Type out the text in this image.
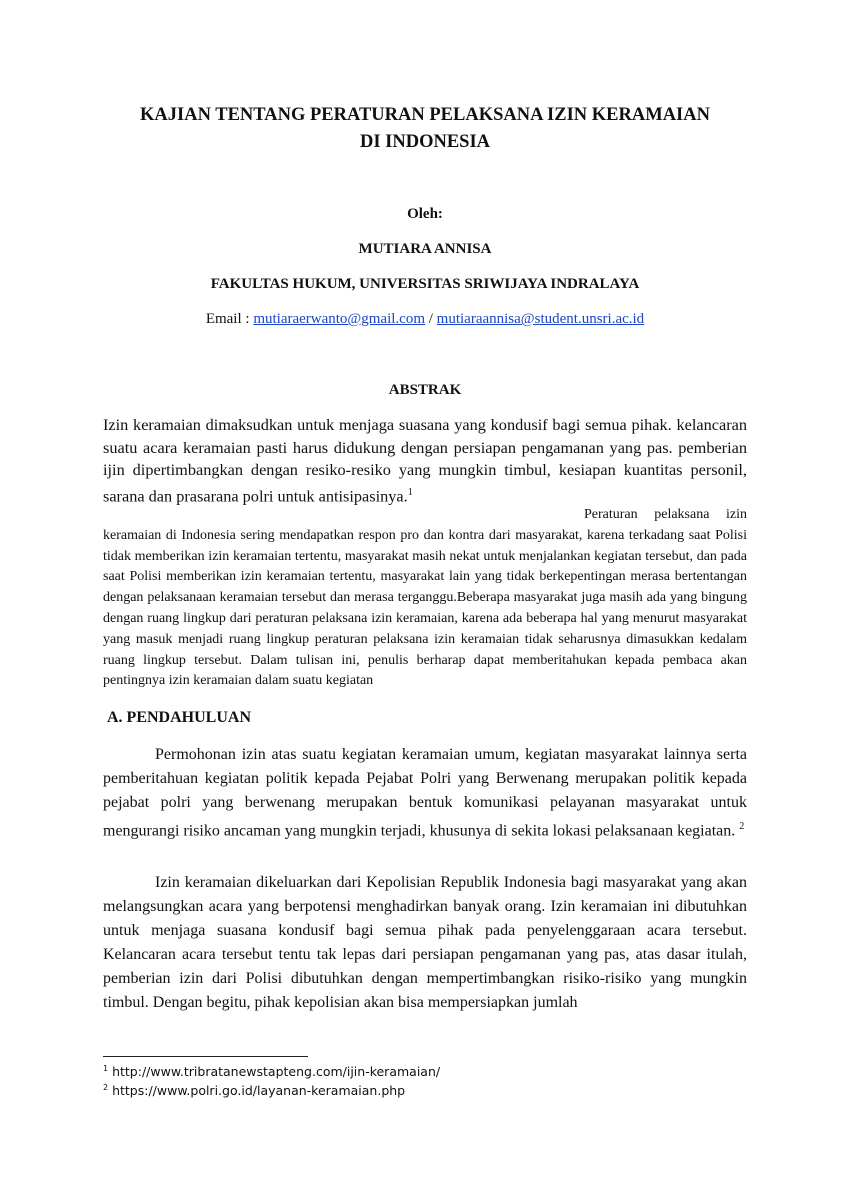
KAJIAN TENTANG PERATURAN PELAKSANA IZIN KERAMAIAN
DI INDONESIA

Oleh:

MUTIARA ANNISA

FAKULTAS HUKUM, UNIVERSITAS SRIWIJAYA INDRALAYA

Email : mutiaraerwanto@gmail.com / mutiaraannisa@student.unsri.ac.id

ABSTRAK

Izin keramaian dimaksudkan untuk menjaga suasana yang kondusif bagi semua pihak. kelancaran suatu acara keramaian pasti harus didukung dengan persiapan pengamanan yang pas. pemberian ijin dipertimbangkan dengan resiko-resiko yang mungkin timbul, kesiapan kuantitas personil, sarana dan prasarana polri untuk antisipasinya.$^1$

Peraturan pelaksana izin keramaian di Indonesia sering mendapatkan respon pro dan kontra dari masyarakat, karena terkadang saat Polisi tidak memberikan izin keramaian tertentu, masyarakat masih nekat untuk menjalankan kegiatan tersebut, dan pada saat Polisi memberikan izin keramaian tertentu, masyarakat lain yang tidak berkepentingan merasa bertentangan dengan pelaksanaan keramaian tersebut dan merasa terganggu.Beberapa masyarakat juga masih ada yang bingung dengan ruang lingkup dari peraturan pelaksana izin keramaian, karena ada beberapa hal yang menurut masyarakat yang masuk menjadi ruang lingkup peraturan pelaksana izin keramaian tidak seharusnya dimasukkan kedalam ruang lingkup tersebut. Dalam tulisan ini, penulis berharap dapat memberitahukan kepada pembaca akan pentingnya izin keramaian dalam suatu kegiatan

A. PENDAHULUAN

Permohonan izin atas suatu kegiatan keramaian umum, kegiatan masyarakat lainnya serta pemberitahuan kegiatan politik kepada Pejabat Polri yang Berwenang merupakan politik kepada pejabat polri yang berwenang merupakan bentuk komunikasi pelayanan masyarakat untuk mengurangi risiko ancaman yang mungkin terjadi, khusunya di sekita lokasi pelaksanaan kegiatan. $^2$

Izin keramaian dikeluarkan dari Kepolisian Republik Indonesia bagi masyarakat yang akan melangsungkan acara yang berpotensi menghadirkan banyak orang. Izin keramaian ini dibutuhkan untuk menjaga suasana kondusif bagi semua pihak pada penyelenggaraan acara tersebut. Kelancaran acara tersebut tentu tak lepas dari persiapan pengamanan yang pas, atas dasar itulah, pemberian izin dari Polisi dibutuhkan dengan mempertimbangkan risiko-risiko yang mungkin timbul. Dengan begitu, pihak kepolisian akan bisa mempersiapkan jumlah

$^1$ http://www.tribratanewstapteng.com/ijin-keramaian/

$^2$ https://www.polri.go.id/layanan-keramaian.php
